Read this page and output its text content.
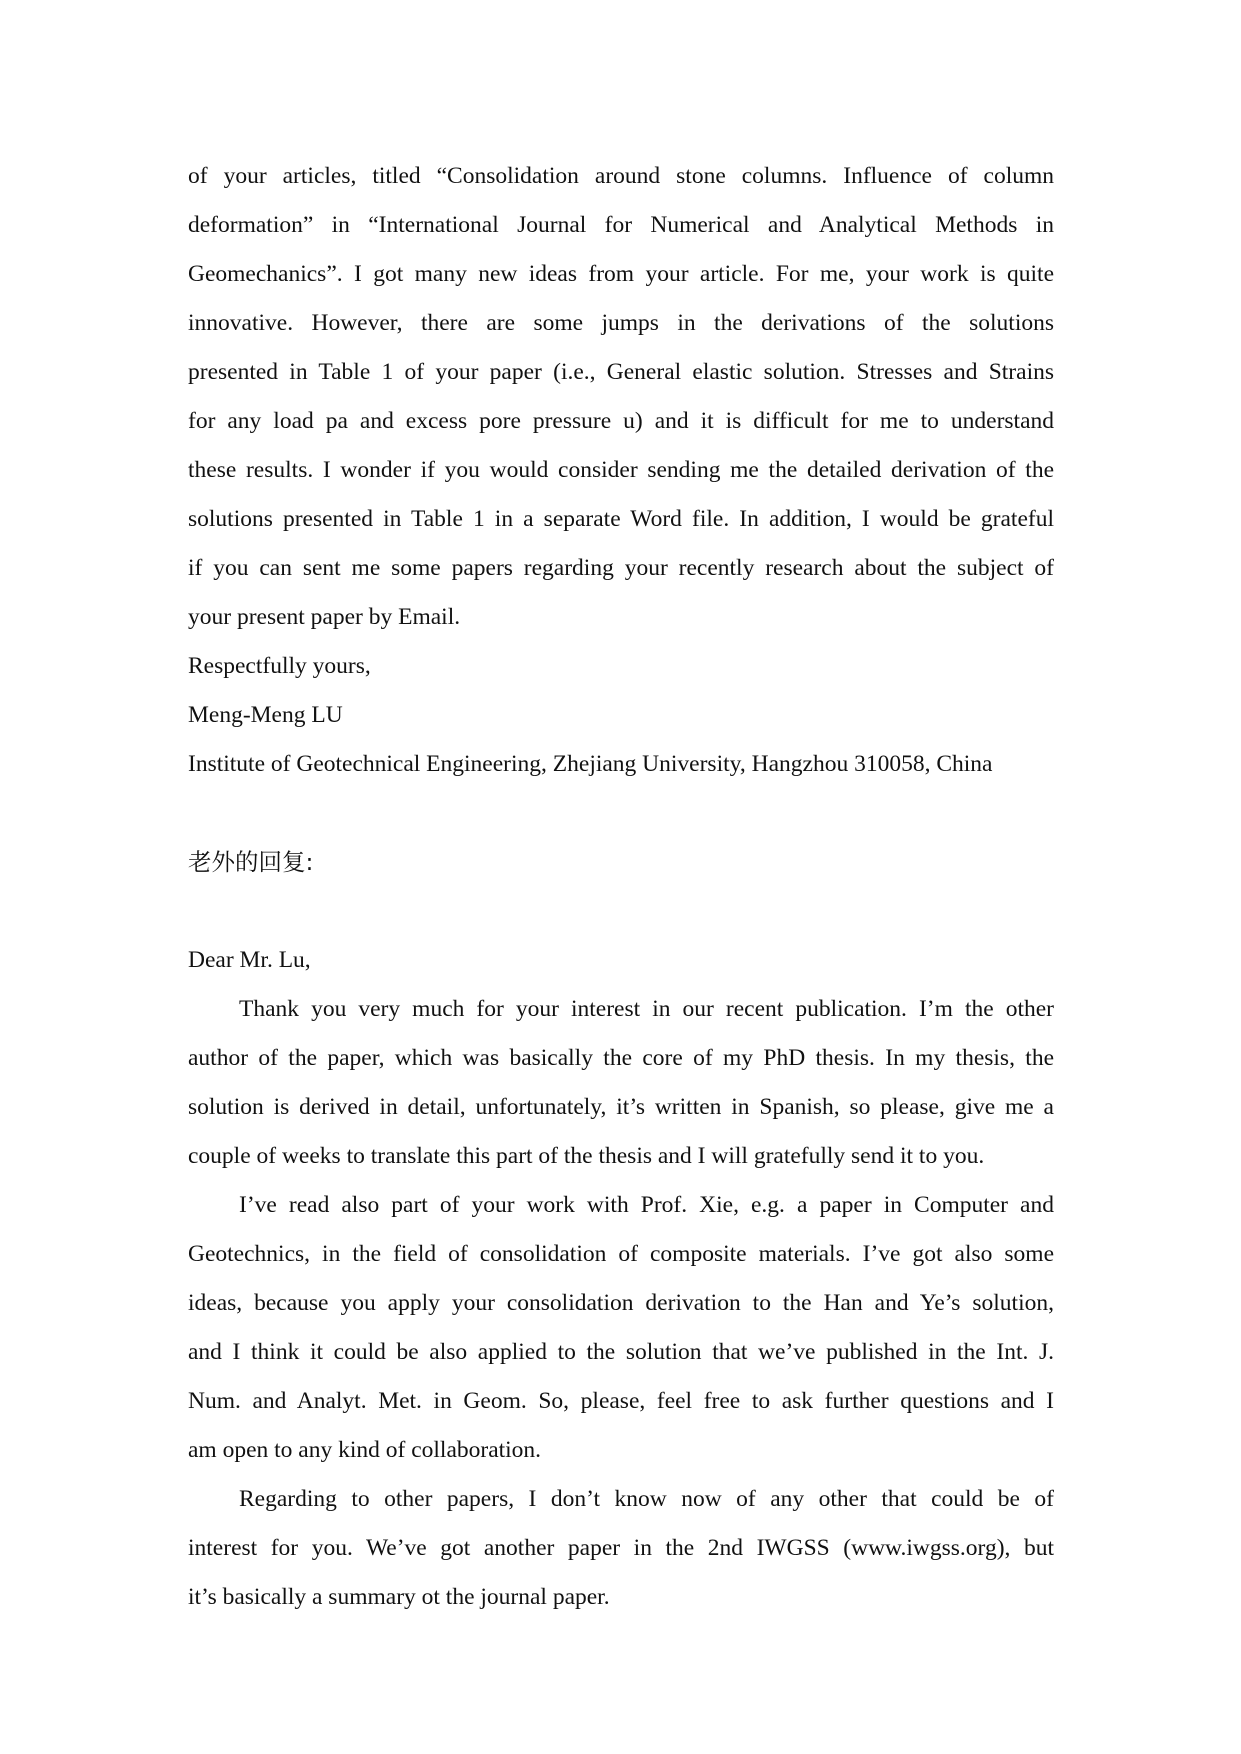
of your articles, titled “Consolidation around stone columns. Influence of column
deformation” in “International Journal for Numerical and Analytical Methods in
Geomechanics”. I got many new ideas from your article. For me, your work is quite
innovative. However, there are some jumps in the derivations of the solutions
presented in Table 1 of your paper (i.e., General elastic solution. Stresses and Strains
for any load pa and excess pore pressure u) and it is difficult for me to understand
these results. I wonder if you would consider sending me the detailed derivation of the
solutions presented in Table 1 in a separate Word file. In addition, I would be grateful
if you can sent me some papers regarding your recently research about the subject of
your present paper by Email.
Respectfully yours,
Meng-Meng LU
Institute of Geotechnical Engineering, Zhejiang University, Hangzhou 310058, China
老外的回复:
Dear Mr. Lu,
Thank you very much for your interest in our recent publication. I’m the other
author of the paper, which was basically the core of my PhD thesis. In my thesis, the
solution is derived in detail, unfortunately, it’s written in Spanish, so please, give me a
couple of weeks to translate this part of the thesis and I will gratefully send it to you.
I’ve read also part of your work with Prof. Xie, e.g. a paper in Computer and
Geotechnics, in the field of consolidation of composite materials. I’ve got also some
ideas, because you apply your consolidation derivation to the Han and Ye’s solution,
and I think it could be also applied to the solution that we’ve published in the Int. J.
Num. and Analyt. Met. in Geom. So, please, feel free to ask further questions and I
am open to any kind of collaboration.
Regarding to other papers, I don’t know now of any other that could be of
interest for you. We’ve got another paper in the 2nd IWGSS (www.iwgss.org), but
it’s basically a summary ot the journal paper.
